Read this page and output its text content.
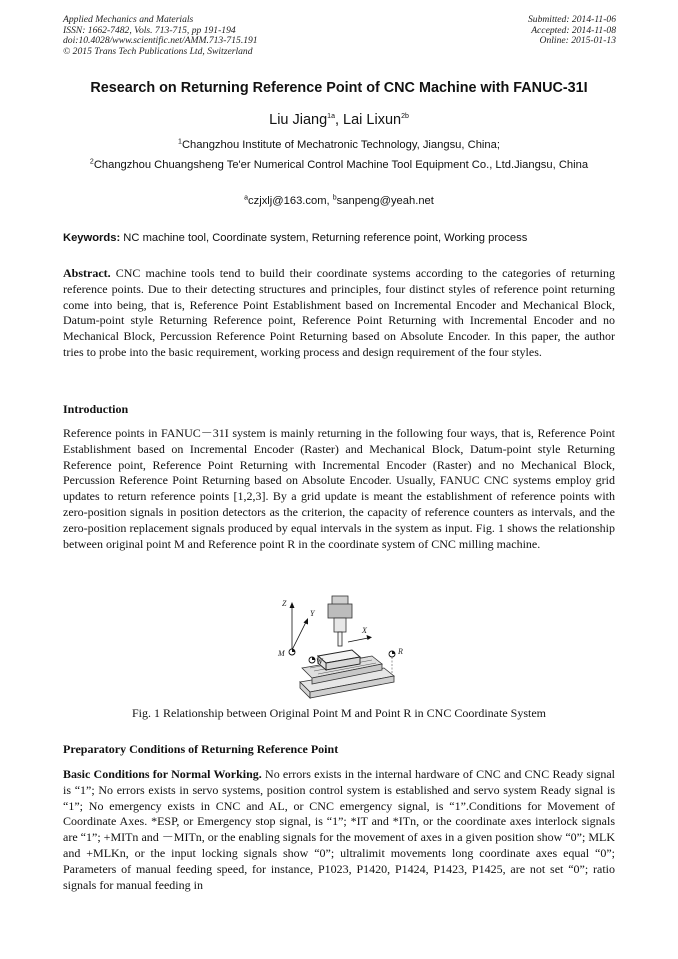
Applied Mechanics and Materials
ISSN: 1662-7482, Vols. 713-715, pp 191-194
doi:10.4028/www.scientific.net/AMM.713-715.191
© 2015 Trans Tech Publications Ltd, Switzerland
Submitted: 2014-11-06
Accepted: 2014-11-08
Online: 2015-01-13
Research on Returning Reference Point of CNC Machine with FANUC-31I
Liu Jiang$^{1a}$, Lai Lixun$^{2b}$
$^1$Changzhou Institute of Mechatronic Technology, Jiangsu, China;
$^2$Changzhou Chuangsheng Te'er Numerical Control Machine Tool Equipment Co., Ltd.Jiangsu, China
$^a$czjxlj@163.com, $^b$sanpeng@yeah.net
Keywords: NC machine tool, Coordinate system, Returning reference point, Working process
Abstract. CNC machine tools tend to build their coordinate systems according to the categories of returning reference points. Due to their detecting structures and principles, four distinct styles of reference point returning come into being, that is, Reference Point Establishment based on Incremental Encoder and Mechanical Block, Datum-point style Returning Reference point, Reference Point Returning with Incremental Encoder and no Mechanical Block, Percussion Reference Point Returning based on Absolute Encoder. In this paper, the author tries to probe into the basic requirement, working process and design requirement of the four styles.
Introduction
Reference points in FANUC－31I system is mainly returning in the following four ways, that is, Reference Point Establishment based on Incremental Encoder (Raster) and Mechanical Block, Datum-point style Returning Reference point, Reference Point Returning with Incremental Encoder (Raster) and no Mechanical Block, Percussion Reference Point Returning based on Absolute Encoder. Usually, FANUC CNC systems employ grid updates to return reference points [1,2,3]. By a grid update is meant the establishment of reference points with zero-position signals in position detectors as the criterion, the capacity of reference counters as intervals, and the zero-position replacement signals produced by equal intervals in the system as input. Fig. 1 shows the relationship between original point M and Reference point R in the coordinate system of CNC milling machine.
Z
Y
X
M
W
R
Fig. 1 Relationship between Original Point M and Point R in CNC Coordinate System
Preparatory Conditions of Returning Reference Point
Basic Conditions for Normal Working. No errors exists in the internal hardware of CNC and CNC Ready signal is “1”; No errors exists in servo systems, position control system is established and servo system Ready signal is “1”; No emergency exists in CNC and AL, or CNC emergency signal, is “1”.Conditions for Movement of Coordinate Axes. *ESP, or Emergency stop signal, is “1”; *IT and *ITn, or the coordinate axes interlock signals are “1”; +MITn and －MITn, or the enabling signals for the movement of axes in a given position show “0”; MLK and +MLKn, or the input locking signals show “0”; ultralimit movements long coordinate axes equal “0”; Parameters of manual feeding speed, for instance, P1023, P1420, P1424, P1423, P1425, are not set “0”; ratio signals for manual feeding in
